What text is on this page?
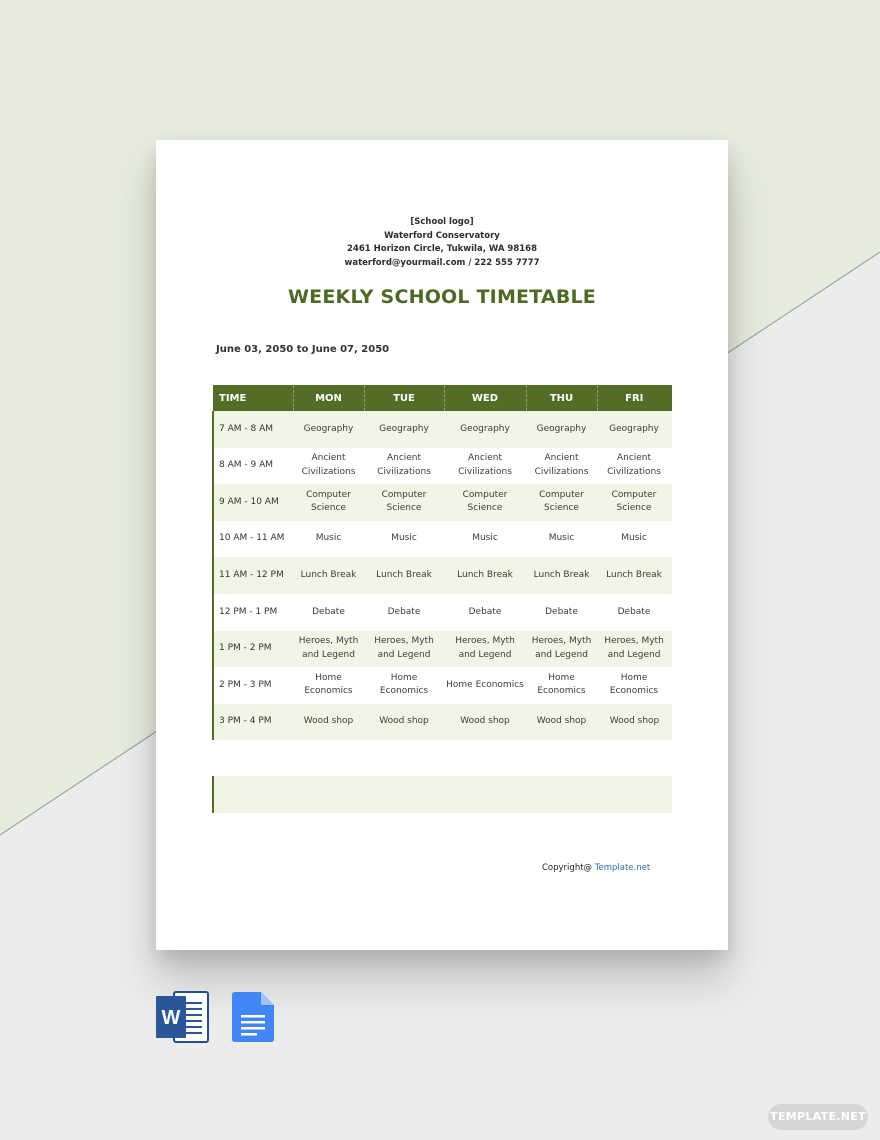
[School logo]
Waterford Conservatory
2461 Horizon Circle, Tukwila, WA 98168
waterford@yourmail.com / 222 555 7777
WEEKLY SCHOOL TIMETABLE
June 03, 2050 to June 07, 2050
TIME	MON	TUE	WED	THU	FRI
7 AM - 8 AM	Geography	Geography	Geography	Geography	Geography
8 AM - 9 AM	Ancient Civilizations	Ancient Civilizations	Ancient Civilizations	Ancient Civilizations	Ancient Civilizations
9 AM - 10 AM	Computer Science	Computer Science	Computer Science	Computer Science	Computer Science
10 AM - 11 AM	Music	Music	Music	Music	Music
11 AM - 12 PM	Lunch Break	Lunch Break	Lunch Break	Lunch Break	Lunch Break
12 PM - 1 PM	Debate	Debate	Debate	Debate	Debate
1 PM - 2 PM	Heroes, Myth and Legend	Heroes, Myth and Legend	Heroes, Myth and Legend	Heroes, Myth and Legend	Heroes, Myth and Legend
2 PM - 3 PM	Home Economics	Home Economics	Home Economics	Home Economics	Home Economics
3 PM - 4 PM	Wood shop	Wood shop	Wood shop	Wood shop	Wood shop

Copyright@ Template.net
W
TEMPLATE.NET
